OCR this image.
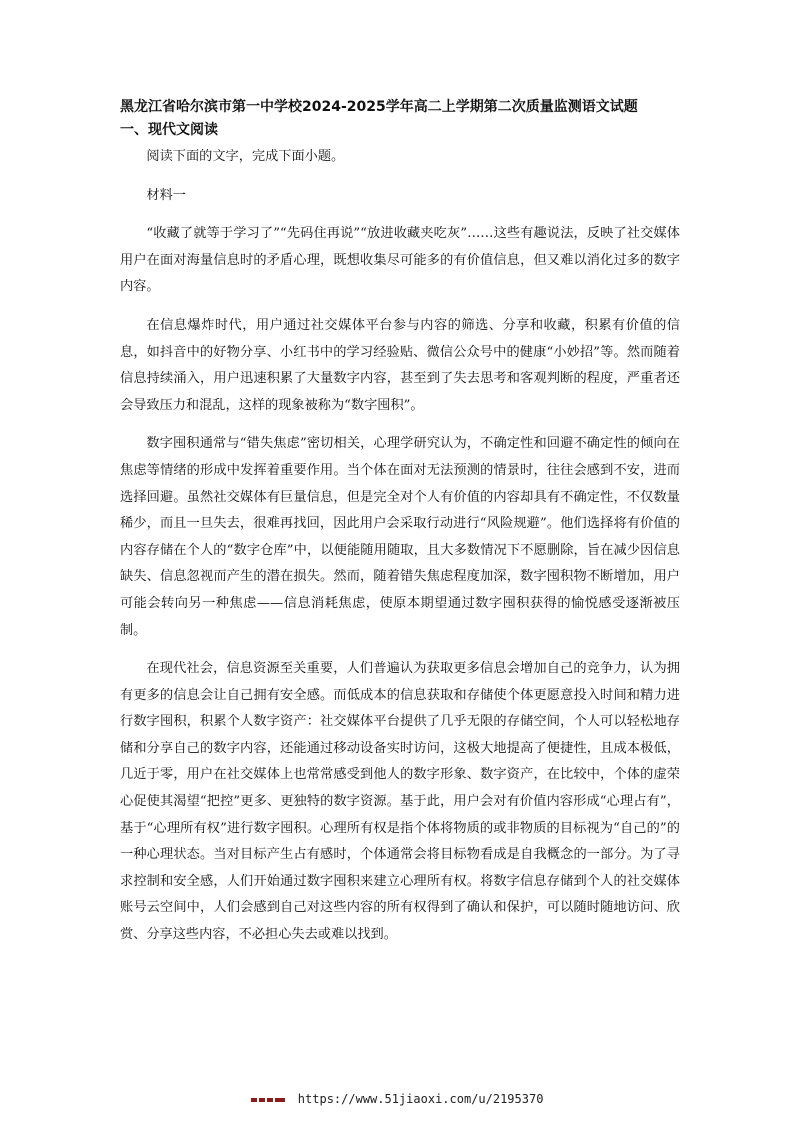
黑龙江省哈尔滨市第一中学校2024-2025学年高二上学期第二次质量监测语文试题
一、现代文阅读

阅读下面的文字，完成下面小题。

材料一

“收藏了就等于学习了”“先码住再说”“放进收藏夹吃灰”……这些有趣说法，反映了社交媒体用户在面对海量信息时的矛盾心理，既想收集尽可能多的有价值信息，但又难以消化过多的数字内容。

在信息爆炸时代，用户通过社交媒体平台参与内容的筛选、分享和收藏，积累有价值的信息，如抖音中的好物分享、小红书中的学习经验贴、微信公众号中的健康“小妙招”等。然而随着信息持续涌入，用户迅速积累了大量数字内容，甚至到了失去思考和客观判断的程度，严重者还会导致压力和混乱，这样的现象被称为“数字囤积”。

数字囤积通常与“错失焦虑”密切相关，心理学研究认为，不确定性和回避不确定性的倾向在焦虑等情绪的形成中发挥着重要作用。当个体在面对无法预测的情景时，往往会感到不安，进而选择回避。虽然社交媒体有巨量信息，但是完全对个人有价值的内容却具有不确定性，不仅数量稀少，而且一旦失去，很难再找回，因此用户会采取行动进行“风险规避”。他们选择将有价值的内容存储在个人的“数字仓库”中，以便能随用随取，且大多数情况下不愿删除，旨在减少因信息缺失、信息忽视而产生的潜在损失。然而，随着错失焦虑程度加深，数字囤积物不断增加，用户可能会转向另一种焦虑——信息消耗焦虑，使原本期望通过数字囤积获得的愉悦感受逐渐被压制。

在现代社会，信息资源至关重要，人们普遍认为获取更多信息会增加自己的竞争力，认为拥有更多的信息会让自己拥有安全感。而低成本的信息获取和存储使个体更愿意投入时间和精力进行数字囤积，积累个人数字资产：社交媒体平台提供了几乎无限的存储空间，个人可以轻松地存储和分享自己的数字内容，还能通过移动设备实时访问，这极大地提高了便捷性，且成本极低，几近于零，用户在社交媒体上也常常感受到他人的数字形象、数字资产，在比较中，个体的虚荣心促使其渴望“把控”更多、更独特的数字资源。基于此，用户会对有价值内容形成“心理占有”，基于“心理所有权”进行数字囤积。心理所有权是指个体将物质的或非物质的目标视为“自己的”的一种心理状态。当对目标产生占有感时，个体通常会将目标物看成是自我概念的一部分。为了寻求控制和安全感，人们开始通过数字囤积来建立心理所有权。将数字信息存储到个人的社交媒体账号云空间中，人们会感到自己对这些内容的所有权得到了确认和保护，可以随时随地访问、欣赏、分享这些内容，不必担心失去或难以找到。

https://www.51jiaoxi.com/u/2195370
